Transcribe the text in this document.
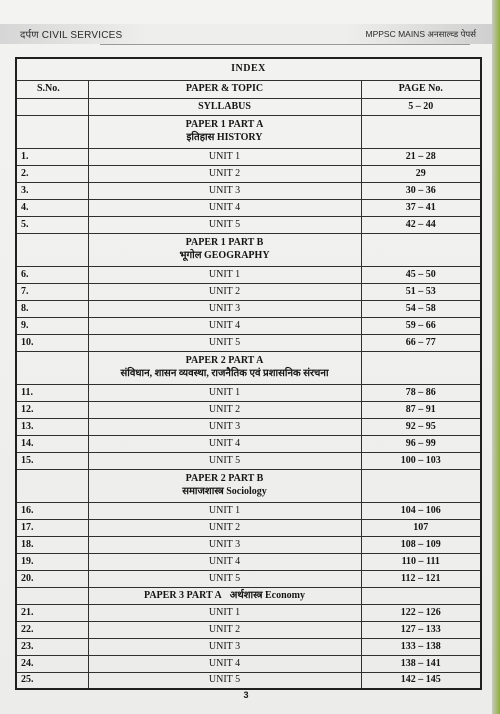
दर्पण CIVIL SERVICES	MPPSC MAINS अनसाल्व्ड पेपर्स
INDEX		
S.No.	PAPER & TOPIC	PAGE No.
	SYLLABUS	5 – 20

	PAPER 1 PART A
इतिहास HISTORY	

1.	UNIT 1	21 – 28
2.	UNIT 2	29
3.	UNIT 3	30 – 36
4.	UNIT 4	37 – 41
5.	UNIT 5	42 – 44

	PAPER 1 PART B
भूगोल GEOGRAPHY	

6.	UNIT 1	45 – 50
7.	UNIT 2	51 – 53
8.	UNIT 3	54 – 58
9.	UNIT 4	59 – 66
10.	UNIT 5	66 – 77

	PAPER 2 PART A
संविधान, शासन व्यवस्था, राजनैतिक एवं प्रशासनिक संरचना	

11.	UNIT 1	78 – 86
12.	UNIT 2	87 – 91
13.	UNIT 3	92 – 95
14.	UNIT 4	96 – 99
15.	UNIT 5	100 – 103

	PAPER 2 PART B
समाजशास्त्र Sociology	

16.	UNIT 1	104 – 106
17.	UNIT 2	107
18.	UNIT 3	108 – 109
19.	UNIT 4	110 – 111
20.	UNIT 5	112 – 121
	PAPER 3 PART A अर्थशास्त्र Economy	
21.	UNIT 1	122 – 126
22.	UNIT 2	127 – 133
23.	UNIT 3	133 – 138
24.	UNIT 4	138 – 141
25.	UNIT 5	142 – 145
3
